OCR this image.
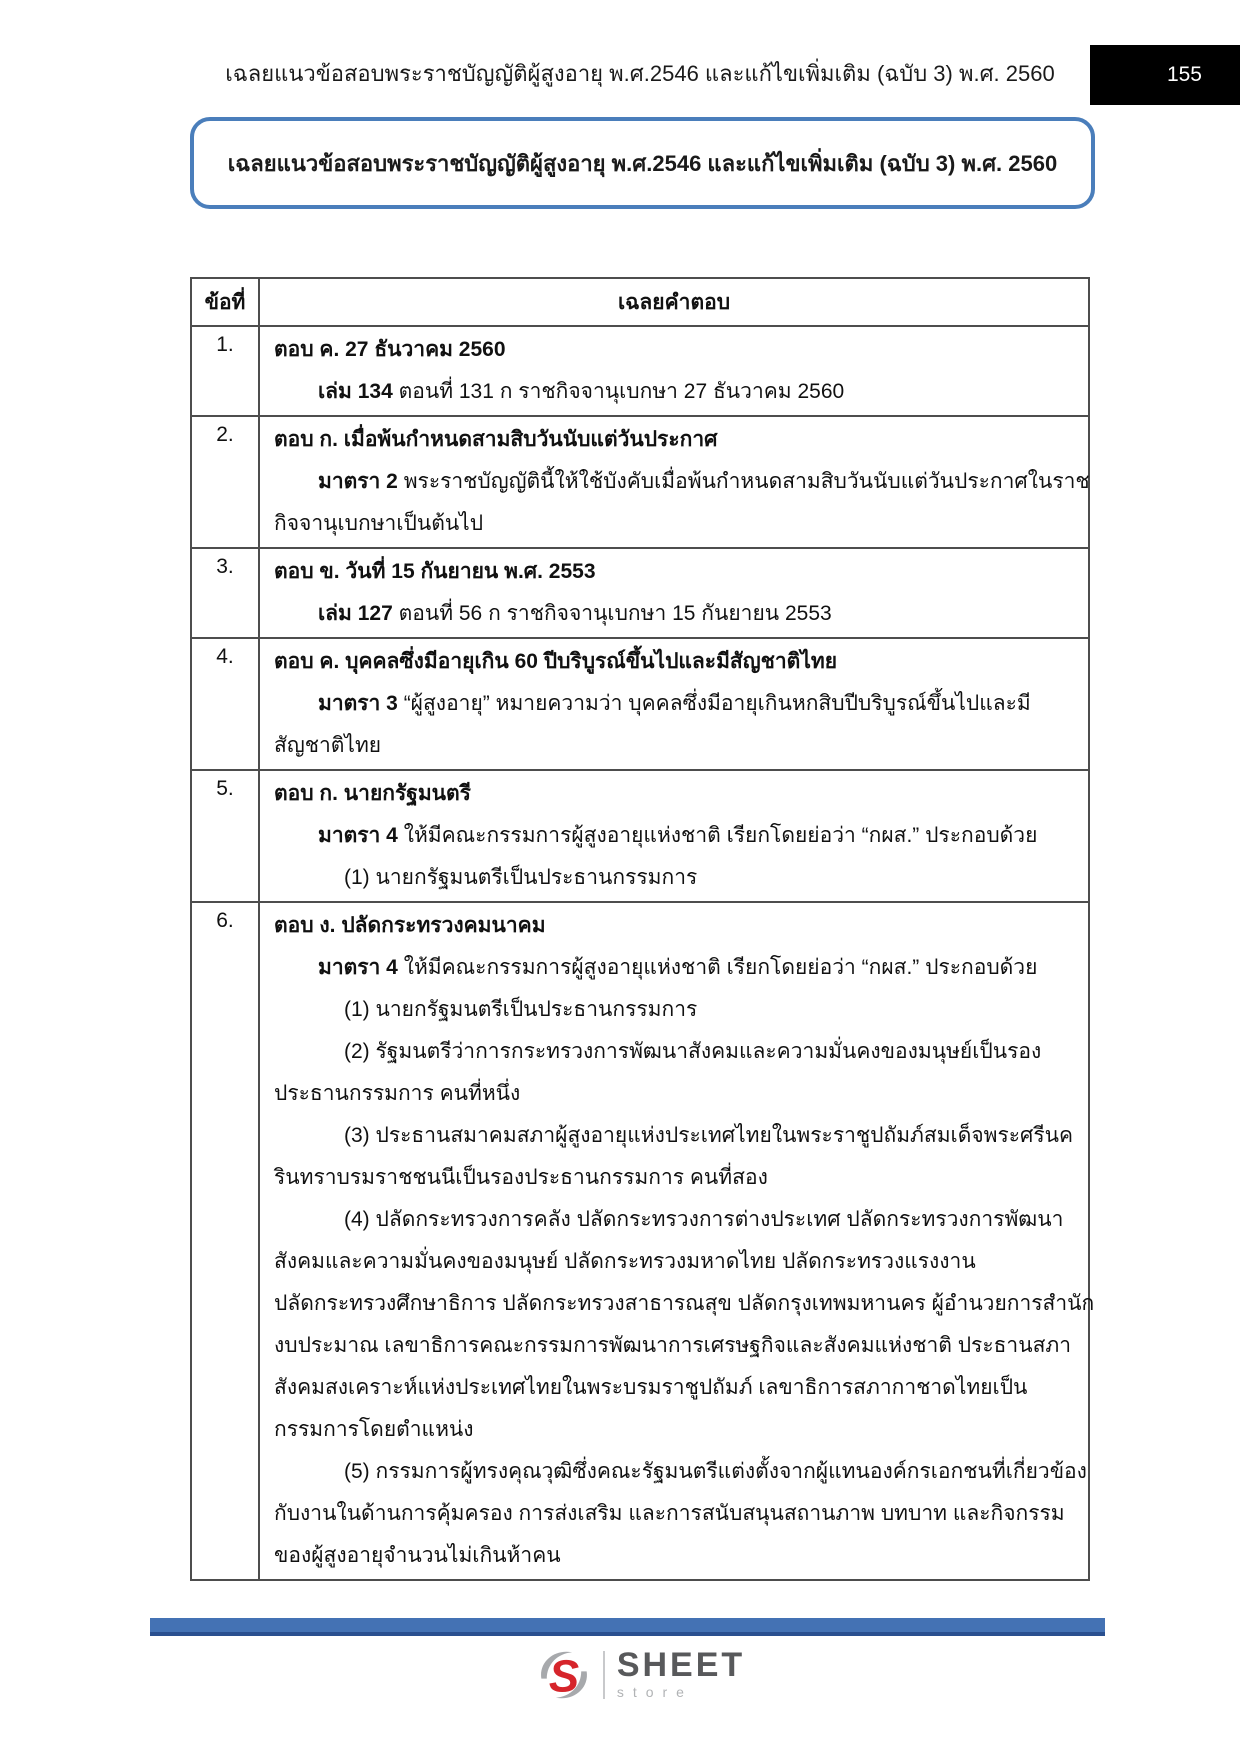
เฉลยแนวข้อสอบพระราชบัญญัติผู้สูงอายุ พ.ศ.2546 และแก้ไขเพิ่มเติม (ฉบับ 3) พ.ศ. 2560	155
เฉลยแนวข้อสอบพระราชบัญญัติผู้สูงอายุ พ.ศ.2546 และแก้ไขเพิ่มเติม (ฉบับ 3) พ.ศ. 2560
ข้อที่	เฉลยคำตอบ
1.	ตอบ ค. 27 ธันวาคม 2560
เล่ม 134 ตอนที่ 131 ก ราชกิจจานุเบกษา 27 ธันวาคม 2560

2.	ตอบ ก. เมื่อพ้นกำหนดสามสิบวันนับแต่วันประกาศ
มาตรา 2 พระราชบัญญัตินี้ให้ใช้บังคับเมื่อพ้นกำหนดสามสิบวันนับแต่วันประกาศในราช
กิจจานุเบกษาเป็นต้นไป

3.	ตอบ ข. วันที่ 15 กันยายน พ.ศ. 2553
เล่ม 127 ตอนที่ 56 ก ราชกิจจานุเบกษา 15 กันยายน 2553

4.	ตอบ ค. บุคคลซึ่งมีอายุเกิน 60 ปีบริบูรณ์ขึ้นไปและมีสัญชาติไทย
มาตรา 3 “ผู้สูงอายุ” หมายความว่า บุคคลซึ่งมีอายุเกินหกสิบปีบริบูรณ์ขึ้นไปและมี
สัญชาติไทย

5.	ตอบ ก. นายกรัฐมนตรี
มาตรา 4 ให้มีคณะกรรมการผู้สูงอายุแห่งชาติ เรียกโดยย่อว่า “กผส.” ประกอบด้วย
(1) นายกรัฐมนตรีเป็นประธานกรรมการ

6.	ตอบ ง. ปลัดกระทรวงคมนาคม
มาตรา 4 ให้มีคณะกรรมการผู้สูงอายุแห่งชาติ เรียกโดยย่อว่า “กผส.” ประกอบด้วย
(1) นายกรัฐมนตรีเป็นประธานกรรมการ
(2) รัฐมนตรีว่าการกระทรวงการพัฒนาสังคมและความมั่นคงของมนุษย์เป็นรอง
ประธานกรรมการ คนที่หนึ่ง
(3) ประธานสมาคมสภาผู้สูงอายุแห่งประเทศไทยในพระราชูปถัมภ์สมเด็จพระศรีนค
รินทราบรมราชชนนีเป็นรองประธานกรรมการ คนที่สอง
(4) ปลัดกระทรวงการคลัง ปลัดกระทรวงการต่างประเทศ ปลัดกระทรวงการพัฒนา
สังคมและความมั่นคงของมนุษย์ ปลัดกระทรวงมหาดไทย ปลัดกระทรวงแรงงาน
ปลัดกระทรวงศึกษาธิการ ปลัดกระทรวงสาธารณสุข ปลัดกรุงเทพมหานคร ผู้อำนวยการสำนัก
งบประมาณ เลขาธิการคณะกรรมการพัฒนาการเศรษฐกิจและสังคมแห่งชาติ ประธานสภา
สังคมสงเคราะห์แห่งประเทศไทยในพระบรมราชูปถัมภ์ เลขาธิการสภากาชาดไทยเป็น
กรรมการโดยตำแหน่ง
(5) กรรมการผู้ทรงคุณวุฒิซึ่งคณะรัฐมนตรีแต่งตั้งจากผู้แทนองค์กรเอกชนที่เกี่ยวข้อง
กับงานในด้านการคุ้มครอง การส่งเสริม และการสนับสนุนสถานภาพ บทบาท และกิจกรรม
ของผู้สูงอายุจำนวนไม่เกินห้าคน
S SHEET
store
